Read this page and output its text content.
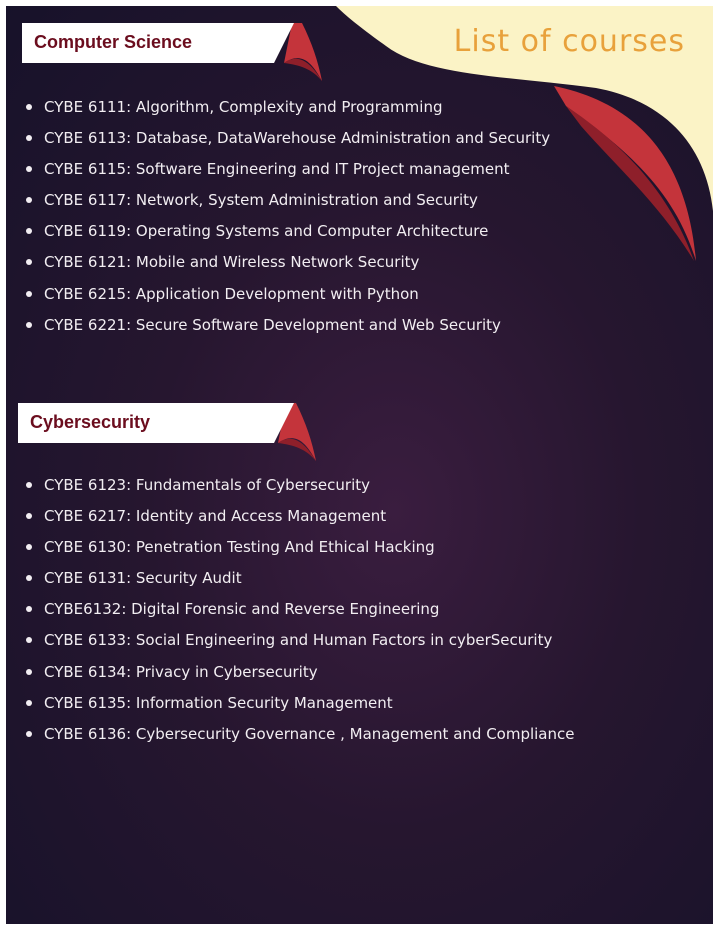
List of courses
Computer Science
CYBE 6111: Algorithm, Complexity and Programming
CYBE 6113: Database, DataWarehouse Administration and Security
CYBE 6115: Software Engineering and IT Project management
CYBE 6117: Network, System Administration and Security
CYBE 6119: Operating Systems and Computer Architecture
CYBE 6121: Mobile and Wireless Network Security
CYBE 6215: Application Development with Python
CYBE 6221: Secure Software Development and Web Security
Cybersecurity
CYBE 6123: Fundamentals of Cybersecurity
CYBE 6217: Identity and Access Management
CYBE 6130: Penetration Testing And Ethical Hacking
CYBE 6131: Security Audit
CYBE6132: Digital Forensic and Reverse Engineering
CYBE 6133: Social Engineering and Human Factors in cyberSecurity
CYBE 6134: Privacy in Cybersecurity
CYBE 6135: Information Security Management
CYBE 6136: Cybersecurity Governance , Management and Compliance
